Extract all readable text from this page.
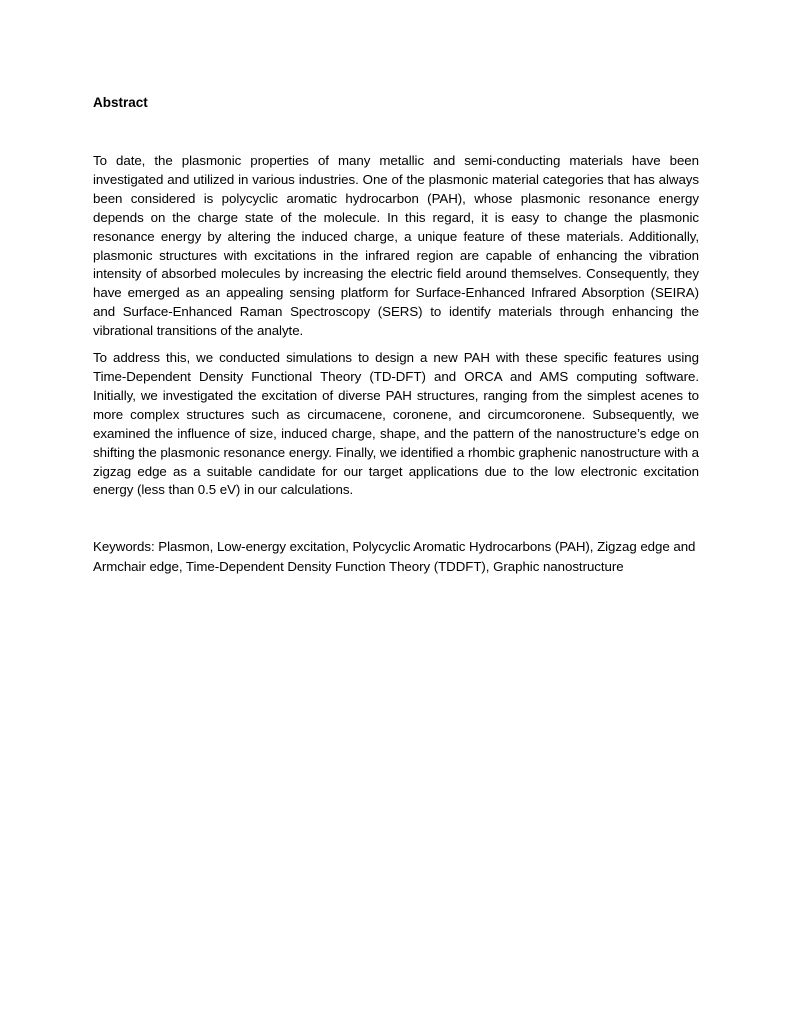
Abstract

To date, the plasmonic properties of many metallic and semi-conducting materials have been investigated and utilized in various industries. One of the plasmonic material categories that has always been considered is polycyclic aromatic hydrocarbon (PAH), whose plasmonic resonance energy depends on the charge state of the molecule. In this regard, it is easy to change the plasmonic resonance energy by altering the induced charge, a unique feature of these materials. Additionally, plasmonic structures with excitations in the infrared region are capable of enhancing the vibration intensity of absorbed molecules by increasing the electric field around themselves. Consequently, they have emerged as an appealing sensing platform for Surface-Enhanced Infrared Absorption (SEIRA) and Surface-Enhanced Raman Spectroscopy (SERS) to identify materials through enhancing the vibrational transitions of the analyte.

To address this, we conducted simulations to design a new PAH with these specific features using Time-Dependent Density Functional Theory (TD-DFT) and ORCA and AMS computing software. Initially, we investigated the excitation of diverse PAH structures, ranging from the simplest acenes to more complex structures such as circumacene, coronene, and circumcoronene. Subsequently, we examined the influence of size, induced charge, shape, and the pattern of the nanostructure’s edge on shifting the plasmonic resonance energy. Finally, we identified a rhombic graphenic nanostructure with a zigzag edge as a suitable candidate for our target applications due to the low electronic excitation energy (less than 0.5 eV) in our calculations.

Keywords: Plasmon, Low-energy excitation, Polycyclic Aromatic Hydrocarbons (PAH), Zigzag edge and Armchair edge, Time-Dependent Density Function Theory (TDDFT), Graphic nanostructure
